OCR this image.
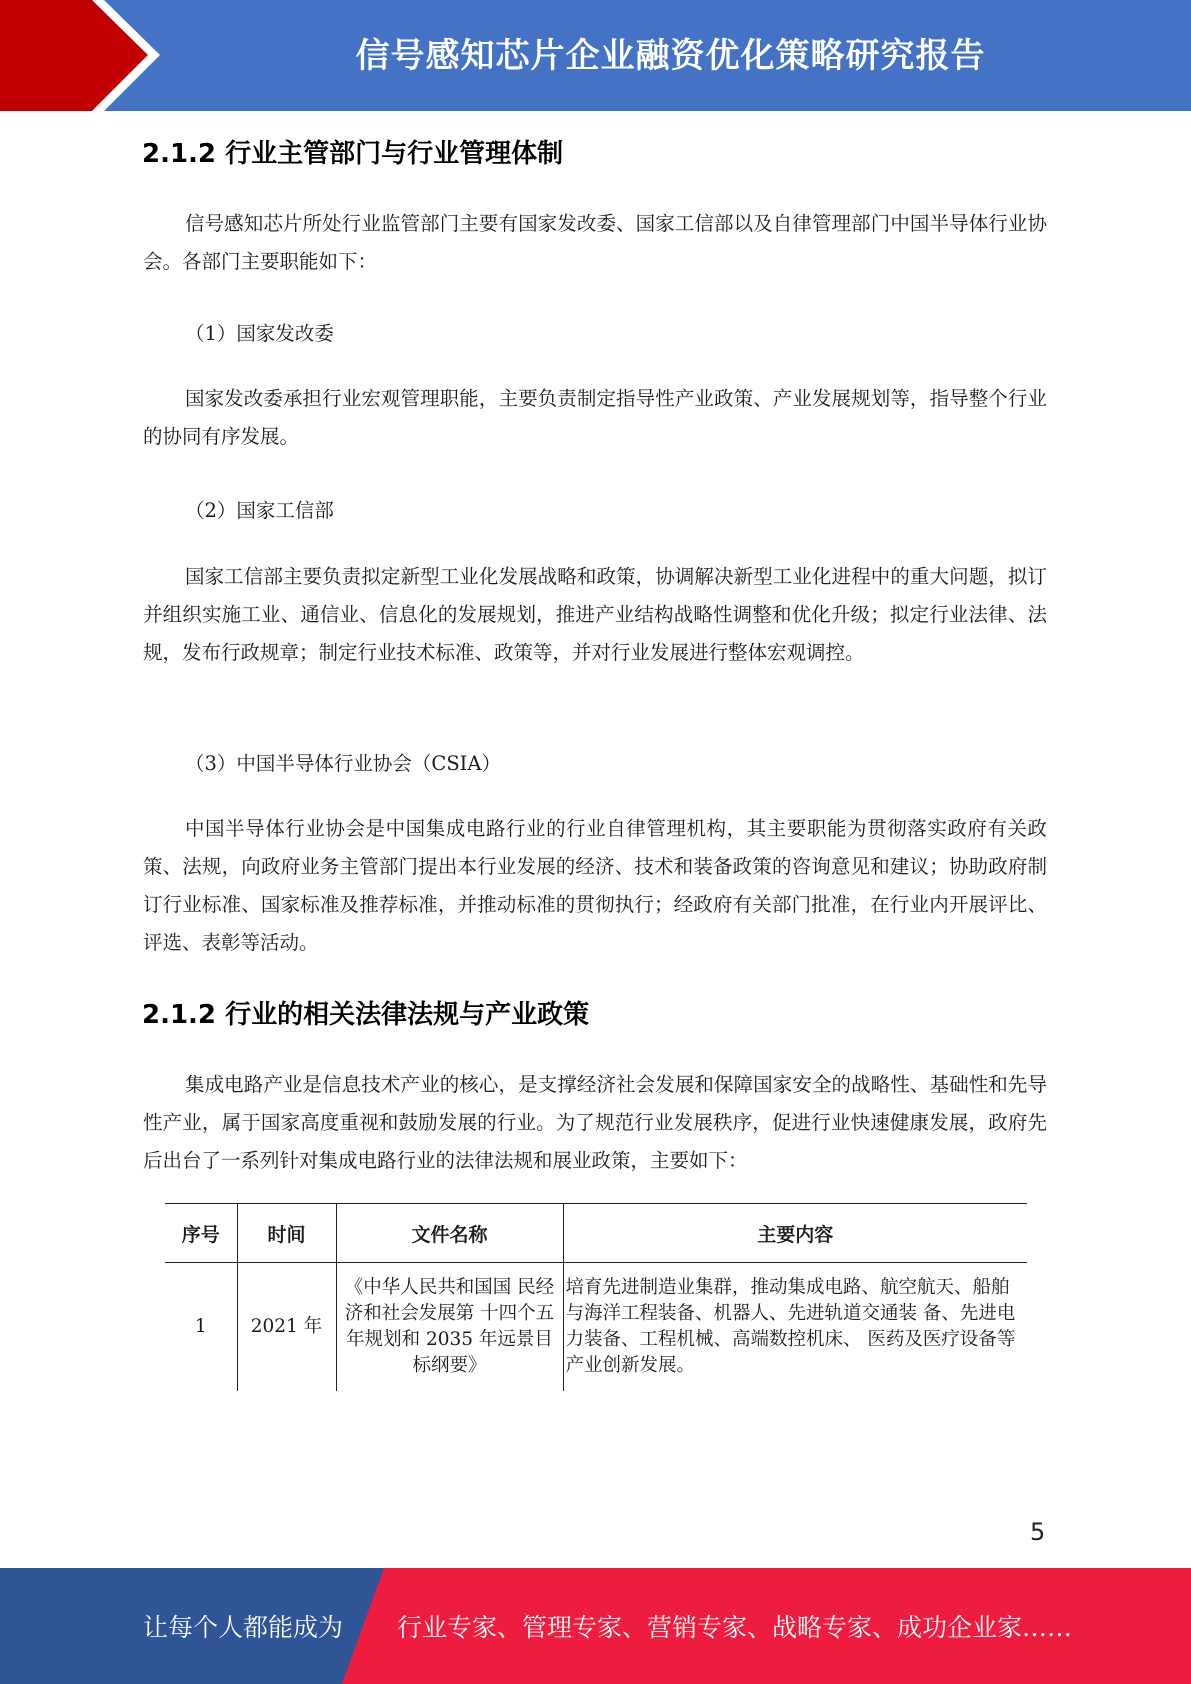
信号感知芯片企业融资优化策略研究报告
2.1.2 行业主管部门与行业管理体制

信号感知芯片所处行业监管部门主要有国家发改委、国家工信部以及自律管理部门中国半导体行业协会。各部门主要职能如下：

（1）国家发改委

国家发改委承担行业宏观管理职能，主要负责制定指导性产业政策、产业发展规划等，指导整个行业的协同有序发展。

（2）国家工信部

国家工信部主要负责拟定新型工业化发展战略和政策，协调解决新型工业化进程中的重大问题，拟订并组织实施工业、通信业、信息化的发展规划，推进产业结构战略性调整和优化升级；拟定行业法律、法规，发布行政规章；制定行业技术标准、政策等，并对行业发展进行整体宏观调控。

（3）中国半导体行业协会（CSIA）

中国半导体行业协会是中国集成电路行业的行业自律管理机构，其主要职能为贯彻落实政府有关政策、法规，向政府业务主管部门提出本行业发展的经济、技术和装备政策的咨询意见和建议；协助政府制订行业标准、国家标准及推荐标准，并推动标准的贯彻执行；经政府有关部门批准，在行业内开展评比、评选、表彰等活动。

2.1.2 行业的相关法律法规与产业政策

集成电路产业是信息技术产业的核心，是支撑经济社会发展和保障国家安全的战略性、基础性和先导性产业，属于国家高度重视和鼓励发展的行业。为了规范行业发展秩序，促进行业快速健康发展，政府先后出台了一系列针对集成电路行业的法律法规和展业政策，主要如下：

序号	时间	文件名称	主要内容
1	2021 年	《中华人民共和国国 民经济和社会发展第 十四个五年规划和 2035 年远景目标纲要》	培育先进制造业集群，推动集成电路、航空航天、船舶与海洋工程装备、机器人、先进轨道交通装 备、先进电力装备、工程机械、高端数控机床、 医药及医疗设备等产业创新发展。
5
让每个人都能成为 行业专家、管理专家、营销专家、战略专家、成功企业家……
